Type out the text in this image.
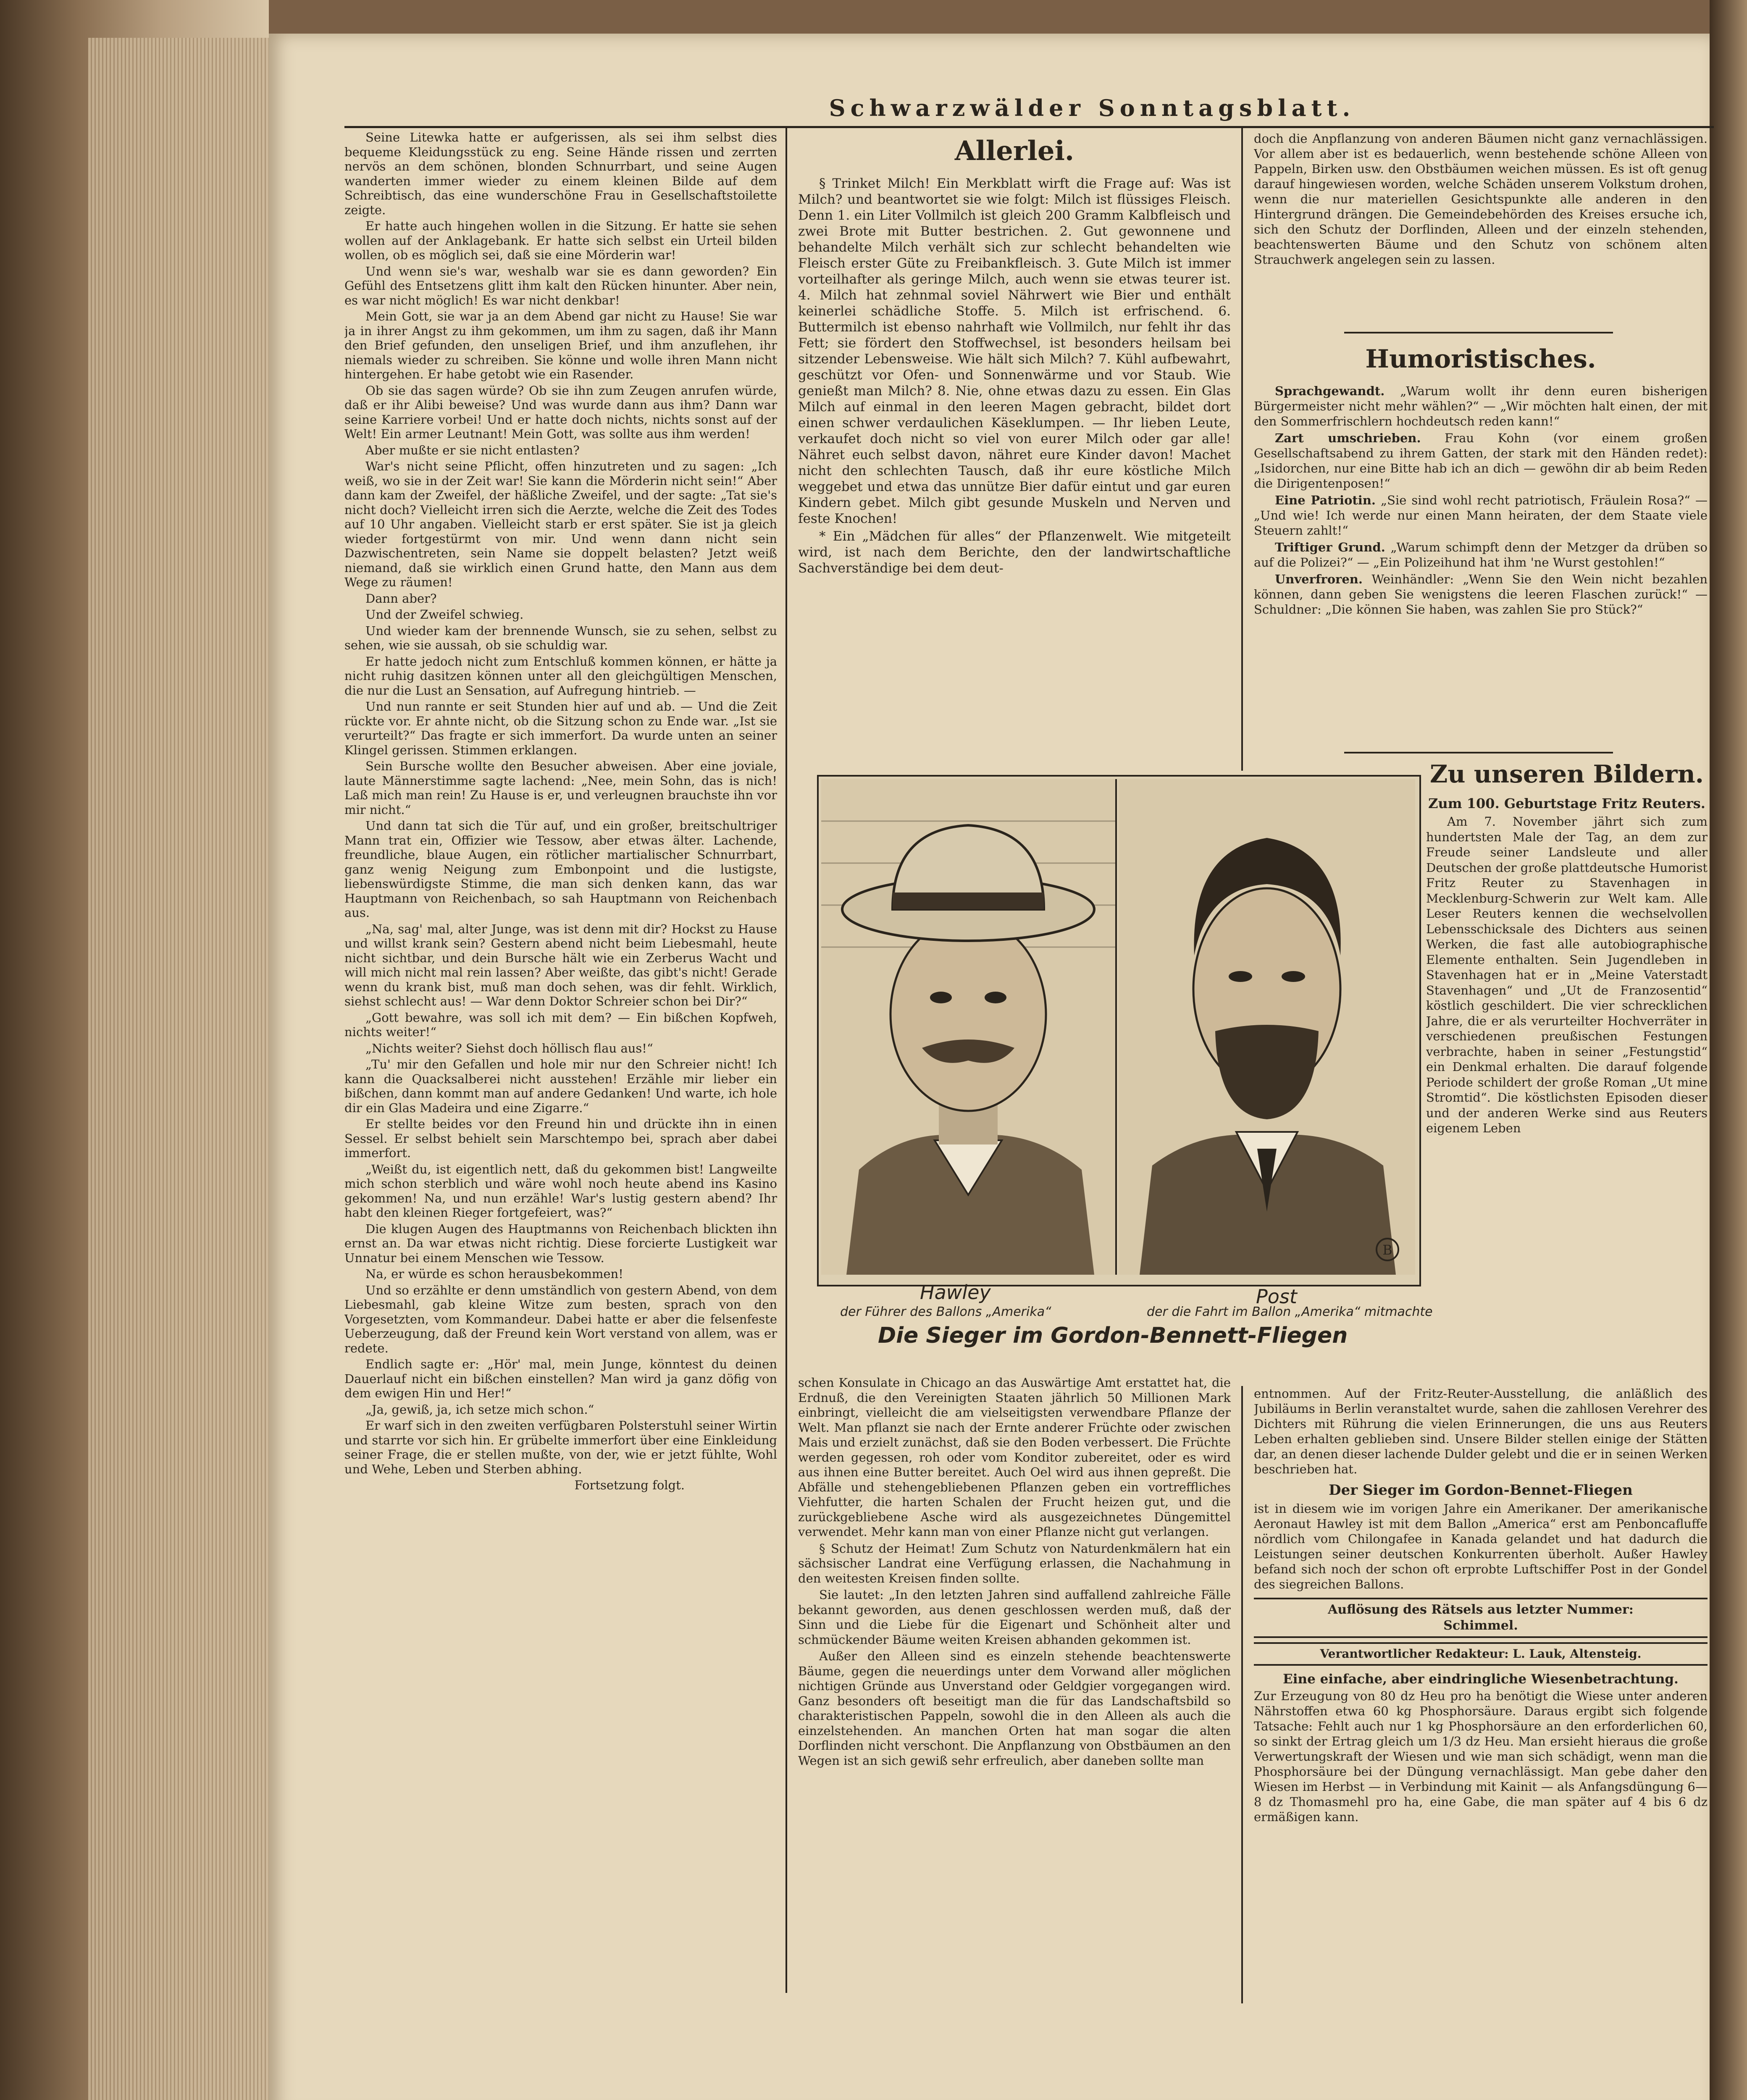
Schwarzwälder Sonntagsblatt.

Seine Litewka hatte er aufgerissen, als sei ihm selbst dies bequeme Kleidungsstück zu eng. Seine Hände rissen und zerrten nervös an dem schönen, blonden Schnurrbart, und seine Augen wanderten immer wieder zu einem kleinen Bilde auf dem Schreibtisch, das eine wunderschöne Frau in Gesellschaftstoilette zeigte.

Er hatte auch hingehen wollen in die Sitzung. Er hatte sie sehen wollen auf der Anklagebank. Er hatte sich selbst ein Urteil bilden wollen, ob es möglich sei, daß sie eine Mörderin war!

Und wenn sie's war, weshalb war sie es dann geworden? Ein Gefühl des Entsetzens glitt ihm kalt den Rücken hinunter. Aber nein, es war nicht möglich! Es war nicht denkbar!

Mein Gott, sie war ja an dem Abend gar nicht zu Hause! Sie war ja in ihrer Angst zu ihm gekommen, um ihm zu sagen, daß ihr Mann den Brief gefunden, den unseligen Brief, und ihm anzuflehen, ihr niemals wieder zu schreiben. Sie könne und wolle ihren Mann nicht hintergehen. Er habe getobt wie ein Rasender.

Ob sie das sagen würde? Ob sie ihn zum Zeugen anrufen würde, daß er ihr Alibi beweise? Und was wurde dann aus ihm? Dann war seine Karriere vorbei! Und er hatte doch nichts, nichts sonst auf der Welt! Ein armer Leutnant! Mein Gott, was sollte aus ihm werden!

Aber mußte er sie nicht entlasten?

War's nicht seine Pflicht, offen hinzutreten und zu sagen: „Ich weiß, wo sie in der Zeit war! Sie kann die Mörderin nicht sein!“ Aber dann kam der Zweifel, der häßliche Zweifel, und der sagte: „Tat sie's nicht doch? Vielleicht irren sich die Aerzte, welche die Zeit des Todes auf 10 Uhr angaben. Vielleicht starb er erst später. Sie ist ja gleich wieder fortgestürmt von mir. Und wenn dann nicht sein Dazwischentreten, sein Name sie doppelt belasten? Jetzt weiß niemand, daß sie wirklich einen Grund hatte, den Mann aus dem Wege zu räumen!

Dann aber?

Und der Zweifel schwieg.

Und wieder kam der brennende Wunsch, sie zu sehen, selbst zu sehen, wie sie aussah, ob sie schuldig war.

Er hatte jedoch nicht zum Entschluß kommen können, er hätte ja nicht ruhig dasitzen können unter all den gleichgültigen Menschen, die nur die Lust an Sensation, auf Aufregung hintrieb. —

Und nun rannte er seit Stunden hier auf und ab. — Und die Zeit rückte vor. Er ahnte nicht, ob die Sitzung schon zu Ende war. „Ist sie verurteilt?“ Das fragte er sich immerfort. Da wurde unten an seiner Klingel gerissen. Stimmen erklangen.

Sein Bursche wollte den Besucher abweisen. Aber eine joviale, laute Männerstimme sagte lachend: „Nee, mein Sohn, das is nich! Laß mich man rein! Zu Hause is er, und verleugnen brauchste ihn vor mir nicht.“

Und dann tat sich die Tür auf, und ein großer, breitschultriger Mann trat ein, Offizier wie Tessow, aber etwas älter. Lachende, freundliche, blaue Augen, ein rötlicher martialischer Schnurrbart, ganz wenig Neigung zum Embonpoint und die lustigste, liebenswürdigste Stimme, die man sich denken kann, das war Hauptmann von Reichenbach, so sah Hauptmann von Reichenbach aus.

„Na, sag' mal, alter Junge, was ist denn mit dir? Hockst zu Hause und willst krank sein? Gestern abend nicht beim Liebesmahl, heute nicht sichtbar, und dein Bursche hält wie ein Zerberus Wacht und will mich nicht mal rein lassen? Aber weißte, das gibt's nicht! Gerade wenn du krank bist, muß man doch sehen, was dir fehlt. Wirklich, siehst schlecht aus! — War denn Doktor Schreier schon bei Dir?“

„Gott bewahre, was soll ich mit dem? — Ein bißchen Kopfweh, nichts weiter!“

„Nichts weiter? Siehst doch höllisch flau aus!“

„Tu' mir den Gefallen und hole mir nur den Schreier nicht! Ich kann die Quacksalberei nicht ausstehen! Erzähle mir lieber ein bißchen, dann kommt man auf andere Gedanken! Und warte, ich hole dir ein Glas Madeira und eine Zigarre.“

Er stellte beides vor den Freund hin und drückte ihn in einen Sessel. Er selbst behielt sein Marschtempo bei, sprach aber dabei immerfort.

„Weißt du, ist eigentlich nett, daß du gekommen bist! Langweilte mich schon sterblich und wäre wohl noch heute abend ins Kasino gekommen! Na, und nun erzähle! War's lustig gestern abend? Ihr habt den kleinen Rieger fortgefeiert, was?“

Die klugen Augen des Hauptmanns von Reichenbach blickten ihn ernst an. Da war etwas nicht richtig. Diese forcierte Lustigkeit war Unnatur bei einem Menschen wie Tessow.

Na, er würde es schon herausbekommen!

Und so erzählte er denn umständlich von gestern Abend, von dem Liebesmahl, gab kleine Witze zum besten, sprach von den Vorgesetzten, vom Kommandeur. Dabei hatte er aber die felsenfeste Ueberzeugung, daß der Freund kein Wort verstand von allem, was er redete.

Endlich sagte er: „Hör' mal, mein Junge, könntest du deinen Dauerlauf nicht ein bißchen einstellen? Man wird ja ganz döfig von dem ewigen Hin und Her!“

„Ja, gewiß, ja, ich setze mich schon.“

Er warf sich in den zweiten verfügbaren Polsterstuhl seiner Wirtin und starrte vor sich hin. Er grübelte immerfort über eine Einkleidung seiner Frage, die er stellen mußte, von der, wie er jetzt fühlte, Wohl und Wehe, Leben und Sterben abhing.

Fortsetzung folgt.

Allerlei.

§ Trinket Milch! Ein Merkblatt wirft die Frage auf: Was ist Milch? und beantwortet sie wie folgt: Milch ist flüssiges Fleisch. Denn 1. ein Liter Vollmilch ist gleich 200 Gramm Kalbfleisch und zwei Brote mit Butter bestrichen. 2. Gut gewonnene und behandelte Milch verhält sich zur schlecht behandelten wie Fleisch erster Güte zu Freibankfleisch. 3. Gute Milch ist immer vorteilhafter als geringe Milch, auch wenn sie etwas teurer ist. 4. Milch hat zehnmal soviel Nährwert wie Bier und enthält keinerlei schädliche Stoffe. 5. Milch ist erfrischend. 6. Buttermilch ist ebenso nahrhaft wie Vollmilch, nur fehlt ihr das Fett; sie fördert den Stoffwechsel, ist besonders heilsam bei sitzender Lebensweise. Wie hält sich Milch? 7. Kühl aufbewahrt, geschützt vor Ofen- und Sonnenwärme und vor Staub. Wie genießt man Milch? 8. Nie, ohne etwas dazu zu essen. Ein Glas Milch auf einmal in den leeren Magen gebracht, bildet dort einen schwer verdaulichen Käseklumpen. — Ihr lieben Leute, verkaufet doch nicht so viel von eurer Milch oder gar alle! Nähret euch selbst davon, nähret eure Kinder davon! Machet nicht den schlechten Tausch, daß ihr eure köstliche Milch weggebet und etwa das unnütze Bier dafür eintut und gar euren Kindern gebet. Milch gibt gesunde Muskeln und Nerven und feste Knochen!

* Ein „Mädchen für alles“ der Pflanzenwelt. Wie mitgeteilt wird, ist nach dem Berichte, den der landwirtschaftliche Sachverständige bei dem deut-

doch die Anpflanzung von anderen Bäumen nicht ganz vernachlässigen. Vor allem aber ist es bedauerlich, wenn bestehende schöne Alleen von Pappeln, Birken usw. den Obstbäumen weichen müssen. Es ist oft genug darauf hingewiesen worden, welche Schäden unserem Volkstum drohen, wenn die nur materiellen Gesichtspunkte alle anderen in den Hintergrund drängen. Die Gemeindebehörden des Kreises ersuche ich, sich den Schutz der Dorflinden, Alleen und der einzeln stehenden, beachtenswerten Bäume und den Schutz von schönem alten Strauchwerk angelegen sein zu lassen.

Humoristisches.

Sprachgewandt. „Warum wollt ihr denn euren bisherigen Bürgermeister nicht mehr wählen?“ — „Wir möchten halt einen, der mit den Sommerfrischlern hochdeutsch reden kann!“

Zart umschrieben. Frau Kohn (vor einem großen Gesellschaftsabend zu ihrem Gatten, der stark mit den Händen redet): „Isidorchen, nur eine Bitte hab ich an dich — gewöhn dir ab beim Reden die Dirigentenposen!“

Eine Patriotin. „Sie sind wohl recht patriotisch, Fräulein Rosa?“ — „Und wie! Ich werde nur einen Mann heiraten, der dem Staate viele Steuern zahlt!“

Triftiger Grund. „Warum schimpft denn der Metzger da drüben so auf die Polizei?“ — „Ein Polizeihund hat ihm 'ne Wurst gestohlen!“

Unverfroren. Weinhändler: „Wenn Sie den Wein nicht bezahlen können, dann geben Sie wenigstens die leeren Flaschen zurück!“ — Schuldner: „Die können Sie haben, was zahlen Sie pro Stück?“

Zu unseren Bildern.
Zum 100. Geburtstage Fritz Reuters.

Am 7. November jährt sich zum hundertsten Male der Tag, an dem zur Freude seiner Landsleute und aller Deutschen der große plattdeutsche Humorist Fritz Reuter zu Stavenhagen in Mecklenburg-Schwerin zur Welt kam. Alle Leser Reuters kennen die wechselvollen Lebensschicksale des Dichters aus seinen Werken, die fast alle autobiographische Elemente enthalten. Sein Jugendleben in Stavenhagen hat er in „Meine Vaterstadt Stavenhagen“ und „Ut de Franzosentid“ köstlich geschildert. Die vier schrecklichen Jahre, die er als verurteilter Hochverräter in verschiedenen preußischen Festungen verbrachte, haben in seiner „Festungstid“ ein Denkmal erhalten. Die darauf folgende Periode schildert der große Roman „Ut mine Stromtid“. Die köstlichsten Episoden dieser und der anderen Werke sind aus Reuters eigenem Leben

B
Hawley	Post
der Führer des Ballons „Amerika“	der die Fahrt im Ballon „Amerika“ mitmachte
Die Sieger im Gordon-Bennett-Fliegen

schen Konsulate in Chicago an das Auswärtige Amt erstattet hat, die Erdnuß, die den Vereinigten Staaten jährlich 50 Millionen Mark einbringt, vielleicht die am vielseitigsten verwendbare Pflanze der Welt. Man pflanzt sie nach der Ernte anderer Früchte oder zwischen Mais und erzielt zunächst, daß sie den Boden verbessert. Die Früchte werden gegessen, roh oder vom Konditor zubereitet, oder es wird aus ihnen eine Butter bereitet. Auch Oel wird aus ihnen gepreßt. Die Abfälle und stehengebliebenen Pflanzen geben ein vortreffliches Viehfutter, die harten Schalen der Frucht heizen gut, und die zurückgebliebene Asche wird als ausgezeichnetes Düngemittel verwendet. Mehr kann man von einer Pflanze nicht gut verlangen.

§ Schutz der Heimat! Zum Schutz von Naturdenkmälern hat ein sächsischer Landrat eine Verfügung erlassen, die Nachahmung in den weitesten Kreisen finden sollte.

Sie lautet: „In den letzten Jahren sind auffallend zahlreiche Fälle bekannt geworden, aus denen geschlossen werden muß, daß der Sinn und die Liebe für die Eigenart und Schönheit alter und schmückender Bäume weiten Kreisen abhanden gekommen ist.

Außer den Alleen sind es einzeln stehende beachtenswerte Bäume, gegen die neuerdings unter dem Vorwand aller möglichen nichtigen Gründe aus Unverstand oder Geldgier vorgegangen wird. Ganz besonders oft beseitigt man die für das Landschaftsbild so charakteristischen Pappeln, sowohl die in den Alleen als auch die einzelstehenden. An manchen Orten hat man sogar die alten Dorflinden nicht verschont. Die Anpflanzung von Obstbäumen an den Wegen ist an sich gewiß sehr erfreulich, aber daneben sollte man

entnommen. Auf der Fritz-Reuter-Ausstellung, die anläßlich des Jubiläums in Berlin veranstaltet wurde, sahen die zahllosen Verehrer des Dichters mit Rührung die vielen Erinnerungen, die uns aus Reuters Leben erhalten geblieben sind. Unsere Bilder stellen einige der Stätten dar, an denen dieser lachende Dulder gelebt und die er in seinen Werken beschrieben hat.

Der Sieger im Gordon-Bennet-Fliegen

ist in diesem wie im vorigen Jahre ein Amerikaner. Der amerikanische Aeronaut Hawley ist mit dem Ballon „America“ erst am Penboncafluffe nördlich vom Chilongafee in Kanada gelandet und hat dadurch die Leistungen seiner deutschen Konkurrenten überholt. Außer Hawley befand sich noch der schon oft erprobte Luftschiffer Post in der Gondel des siegreichen Ballons.

Auflösung des Rätsels aus letzter Nummer:
Schimmel.
Verantwortlicher Redakteur: L. Lauk, Altensteig.
Eine einfache, aber eindringliche Wiesenbetrachtung.

Zur Erzeugung von 80 dz Heu pro ha benötigt die Wiese unter anderen Nährstoffen etwa 60 kg Phosphorsäure. Daraus ergibt sich folgende Tatsache: Fehlt auch nur 1 kg Phosphorsäure an den erforderlichen 60, so sinkt der Ertrag gleich um 1/3 dz Heu. Man ersieht hieraus die große Verwertungskraft der Wiesen und wie man sich schädigt, wenn man die Phosphorsäure bei der Düngung vernachlässigt. Man gebe daher den Wiesen im Herbst — in Verbindung mit Kainit — als Anfangsdüngung 6—8 dz Thomasmehl pro ha, eine Gabe, die man später auf 4 bis 6 dz ermäßigen kann.
